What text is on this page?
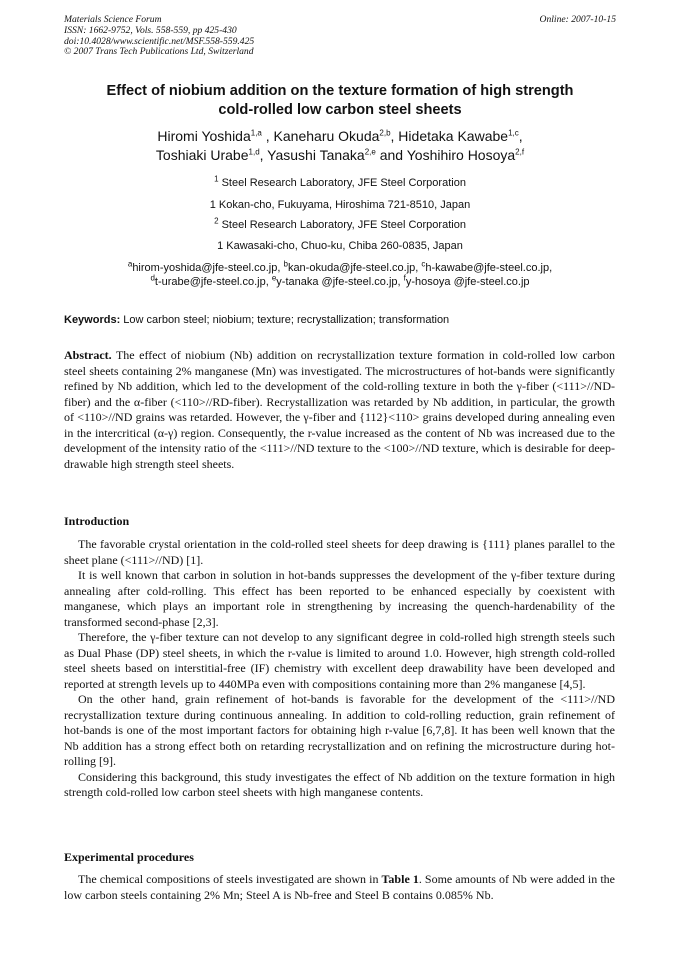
Materials Science Forum
ISSN: 1662-9752, Vols. 558-559, pp 425-430
doi:10.4028/www.scientific.net/MSF.558-559.425
© 2007 Trans Tech Publications Ltd, Switzerland
Online: 2007-10-15
Effect of niobium addition on the texture formation of high strength
cold-rolled low carbon steel sheets
Hiromi Yoshida$^{1,a}$ , Kaneharu Okuda$^{2,b}$, Hidetaka Kawabe$^{1,c}$,
Toshiaki Urabe$^{1,d}$, Yasushi Tanaka$^{2,e}$ and Yoshihiro Hosoya$^{2,f}$
$^1$ Steel Research Laboratory, JFE Steel Corporation
1 Kokan-cho, Fukuyama, Hiroshima 721-8510, Japan
$^2$ Steel Research Laboratory, JFE Steel Corporation
1 Kawasaki-cho, Chuo-ku, Chiba 260-0835, Japan
$^a$hirom-yoshida@jfe-steel.co.jp, $^b$kan-okuda@jfe-steel.co.jp, $^c$h-kawabe@jfe-steel.co.jp,
$^d$t-urabe@jfe-steel.co.jp, $^e$y-tanaka @jfe-steel.co.jp, $^f$y-hosoya @jfe-steel.co.jp
Keywords: Low carbon steel; niobium; texture; recrystallization; transformation

Abstract. The effect of niobium (Nb) addition on recrystallization texture formation in cold-rolled low carbon steel sheets containing 2% manganese (Mn) was investigated. The microstructures of hot-bands were significantly refined by Nb addition, which led to the development of the cold-rolling texture in both the γ-fiber (<111>//ND-fiber) and the α-fiber (<110>//RD-fiber). Recrystallization was retarded by Nb addition, in particular, the growth of <110>//ND grains was retarded. However, the γ-fiber and {112}<110> grains developed during annealing even in the intercritical (α-γ) region. Consequently, the r-value increased as the content of Nb was increased due to the development of the intensity ratio of the <111>//ND texture to the <100>//ND texture, which is desirable for deep-drawable high strength steel sheets.

Introduction

The favorable crystal orientation in the cold-rolled steel sheets for deep drawing is {111} planes parallel to the sheet plane (<111>//ND) [1].

It is well known that carbon in solution in hot-bands suppresses the development of the γ-fiber texture during annealing after cold-rolling. This effect has been reported to be enhanced especially by coexistent with manganese, which plays an important role in strengthening by increasing the quench-hardenability of the transformed second-phase [2,3].

Therefore, the γ-fiber texture can not develop to any significant degree in cold-rolled high strength steels such as Dual Phase (DP) steel sheets, in which the r-value is limited to around 1.0. However, high strength cold-rolled steel sheets based on interstitial-free (IF) chemistry with excellent deep drawability have been developed and reported at strength levels up to 440MPa even with compositions containing more than 2% manganese [4,5].

On the other hand, grain refinement of hot-bands is favorable for the development of the <111>//ND recrystallization texture during continuous annealing. In addition to cold-rolling reduction, grain refinement of hot-bands is one of the most important factors for obtaining high r-value [6,7,8]. It has been well known that the Nb addition has a strong effect both on retarding recrystallization and on refining the microstructure during hot-rolling [9].

Considering this background, this study investigates the effect of Nb addition on the texture formation in high strength cold-rolled low carbon steel sheets with high manganese contents.

Experimental procedures

The chemical compositions of steels investigated are shown in Table 1. Some amounts of Nb were added in the low carbon steels containing 2% Mn; Steel A is Nb-free and Steel B contains 0.085% Nb.
